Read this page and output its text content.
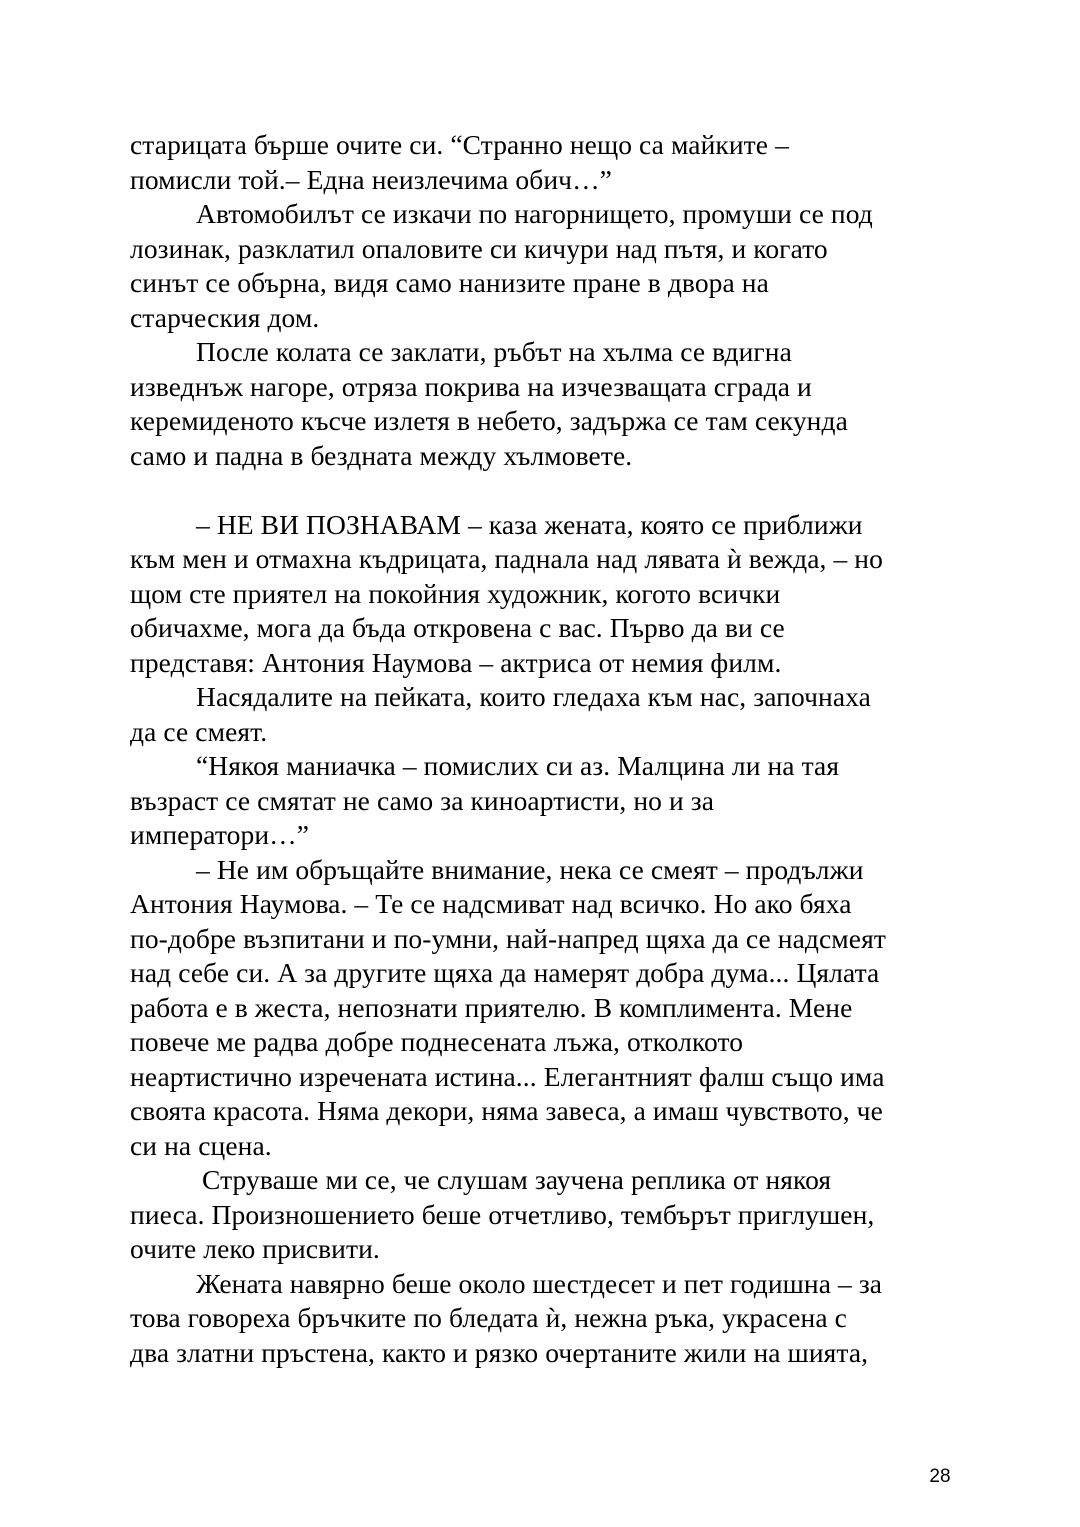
старицата бърше очите си. “Странно нещо са майките –
помисли той.– Една неизлечима обич…”

Автомобилът се изкачи по нагорнището, промуши се под
лозинак, разклатил опаловите си кичури над пътя, и когато
синът се обърна, видя само нанизите пране в двора на
старческия дом.

После колата се заклати, ръбът на хълма се вдигна
изведнъж нагоре, отряза покрива на изчезващата сграда и
керемиденото късче излетя в небето, задържа се там секунда
само и падна в бездната между хълмовете.

– НЕ ВИ ПОЗНАВАМ – каза жената, която се приближи
към мен и отмахна къдрицата, паднала над лявата ѝ вежда, – но
щом сте приятел на покойния художник, когото всички
обичахме, мога да бъда откровена с вас. Първо да ви се
представя: Антония Наумова – актриса от немия филм.

Насядалите на пейката, които гледаха към нас, започнаха
да се смеят.

“Някоя маниачка – помислих си аз. Малцина ли на тая
възраст се смятат не само за киноартисти, но и за
императори…”

– Не им обръщайте внимание, нека се смеят – продължи
Антония Наумова. – Те се надсмиват над всичко. Но ако бяха
по-добре възпитани и по-умни, най-напред щяха да се надсмеят
над себе си. А за другите щяха да намерят добра дума... Цялата
работа е в жеста, непознати приятелю. В комплимента. Мене
повече ме радва добре поднесената лъжа, отколкото
неартистично изречената истина... Елегантният фалш също има
своята красота. Няма декори, няма завеса, а имаш чувството, че
си на сцена.

Струваше ми се, че слушам заучена реплика от някоя
пиеса. Произношението беше отчетливо, тембърът приглушен,
очите леко присвити.

Жената навярно беше около шестдесет и пет годишна – за
това говореха бръчките по бледата ѝ, нежна ръка, украсена с
два златни пръстена, както и рязко очертаните жили на шията,

28
